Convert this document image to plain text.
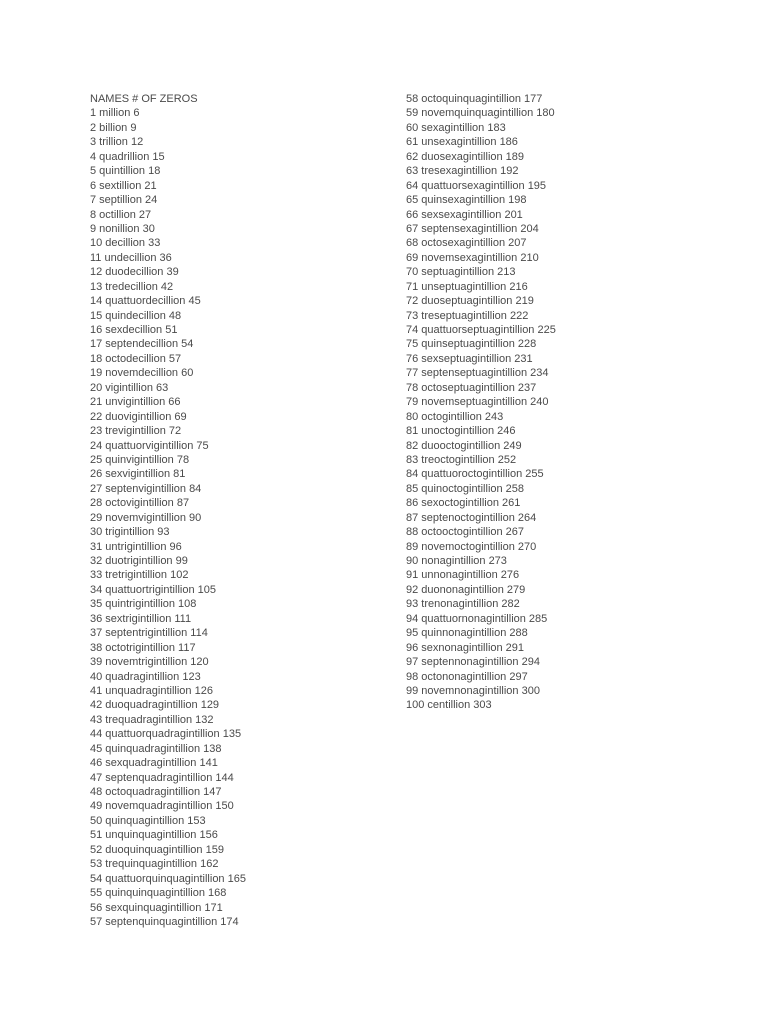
NAMES # OF ZEROS
1 million 6
2 billion 9
3 trillion 12
4 quadrillion 15
5 quintillion 18
6 sextillion 21
7 septillion 24
8 octillion 27
9 nonillion 30
10 decillion 33
11 undecillion 36
12 duodecillion 39
13 tredecillion 42
14 quattuordecillion 45
15 quindecillion 48
16 sexdecillion 51
17 septendecillion 54
18 octodecillion 57
19 novemdecillion 60
20 vigintillion 63
21 unvigintillion 66
22 duovigintillion 69
23 trevigintillion 72
24 quattuorvigintillion 75
25 quinvigintillion 78
26 sexvigintillion 81
27 septenvigintillion 84
28 octovigintillion 87
29 novemvigintillion 90
30 trigintillion 93
31 untrigintillion 96
32 duotrigintillion 99
33 tretrigintillion 102
34 quattuortrigintillion 105
35 quintrigintillion 108
36 sextrigintillion 111
37 septentrigintillion 114
38 octotrigintillion 117
39 novemtrigintillion 120
40 quadragintillion 123
41 unquadragintillion 126
42 duoquadragintillion 129
43 trequadragintillion 132
44 quattuorquadragintillion 135
45 quinquadragintillion 138
46 sexquadragintillion 141
47 septenquadragintillion 144
48 octoquadragintillion 147
49 novemquadragintillion 150
50 quinquagintillion 153
51 unquinquagintillion 156
52 duoquinquagintillion 159
53 trequinquagintillion 162
54 quattuorquinquagintillion 165
55 quinquinquagintillion 168
56 sexquinquagintillion 171
57 septenquinquagintillion 174
58 octoquinquagintillion 177
59 novemquinquagintillion 180
60 sexagintillion 183
61 unsexagintillion 186
62 duosexagintillion 189
63 tresexagintillion 192
64 quattuorsexagintillion 195
65 quinsexagintillion 198
66 sexsexagintillion 201
67 septensexagintillion 204
68 octosexagintillion 207
69 novemsexagintillion 210
70 septuagintillion 213
71 unseptuagintillion 216
72 duoseptuagintillion 219
73 treseptuagintillion 222
74 quattuorseptuagintillion 225
75 quinseptuagintillion 228
76 sexseptuagintillion 231
77 septenseptuagintillion 234
78 octoseptuagintillion 237
79 novemseptuagintillion 240
80 octogintillion 243
81 unoctogintillion 246
82 duooctogintillion 249
83 treoctogintillion 252
84 quattuoroctogintillion 255
85 quinoctogintillion 258
86 sexoctogintillion 261
87 septenoctogintillion 264
88 octooctogintillion 267
89 novemoctogintillion 270
90 nonagintillion 273
91 unnonagintillion 276
92 duononagintillion 279
93 trenonagintillion 282
94 quattuornonagintillion 285
95 quinnonagintillion 288
96 sexnonagintillion 291
97 septennonagintillion 294
98 octononagintillion 297
99 novemnonagintillion 300
100 centillion 303
